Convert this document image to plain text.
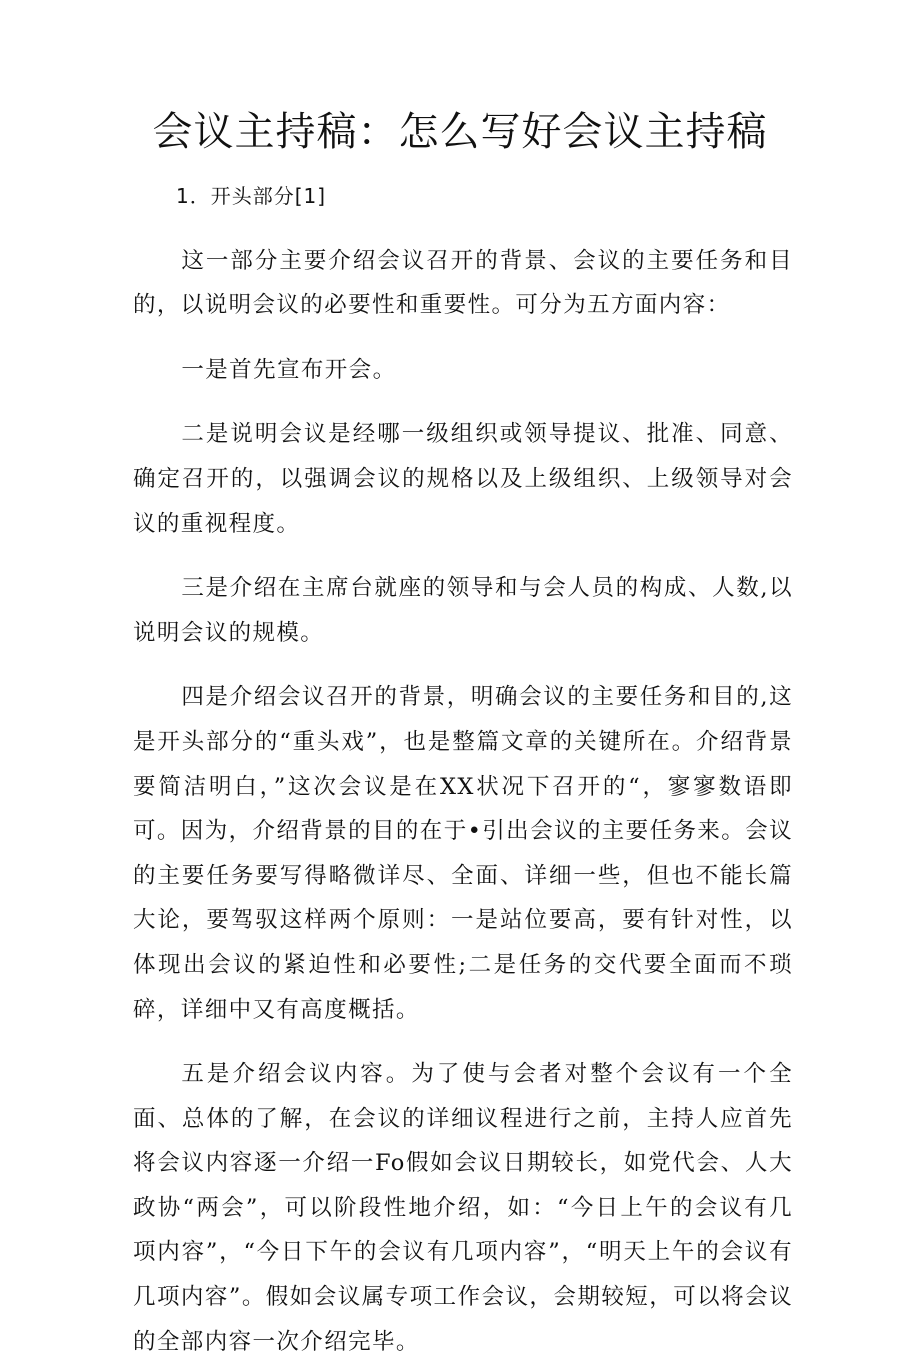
会议主持稿：怎么写好会议主持稿

1．开头部分[1]

这一部分主要介绍会议召开的背景、会议的主要任务和目的，以说明会议的必要性和重要性。可分为五方面内容：

一是首先宣布开会。

二是说明会议是经哪一级组织或领导提议、批准、同意、确定召开的，以强调会议的规格以及上级组织、上级领导对会议的重视程度。

三是介绍在主席台就座的领导和与会人员的构成、人数,以说明会议的规模。

四是介绍会议召开的背景，明确会议的主要任务和目的,这是开头部分的“重头戏”，也是整篇文章的关键所在。介绍背景要简洁明白，”这次会议是在XX状况下召开的“，寥寥数语即可。因为，介绍背景的目的在于•引出会议的主要任务来。会议的主要任务要写得略微详尽、全面、详细一些，但也不能长篇大论，要驾驭这样两个原则：一是站位要高，要有针对性，以体现出会议的紧迫性和必要性;二是任务的交代要全面而不琐碎，详细中又有高度概括。

五是介绍会议内容。为了使与会者对整个会议有一个全面、总体的了解，在会议的详细议程进行之前，主持人应首先将会议内容逐一介绍一Fo假如会议日期较长，如党代会、人大政协“两会”，可以阶段性地介绍，如：“今日上午的会议有几项内容”，“今日下午的会议有几项内容”，“明天上午的会议有几项内容”。假如会议属专项工作会议，会期较短，可以将会议的全部内容一次介绍完毕。
